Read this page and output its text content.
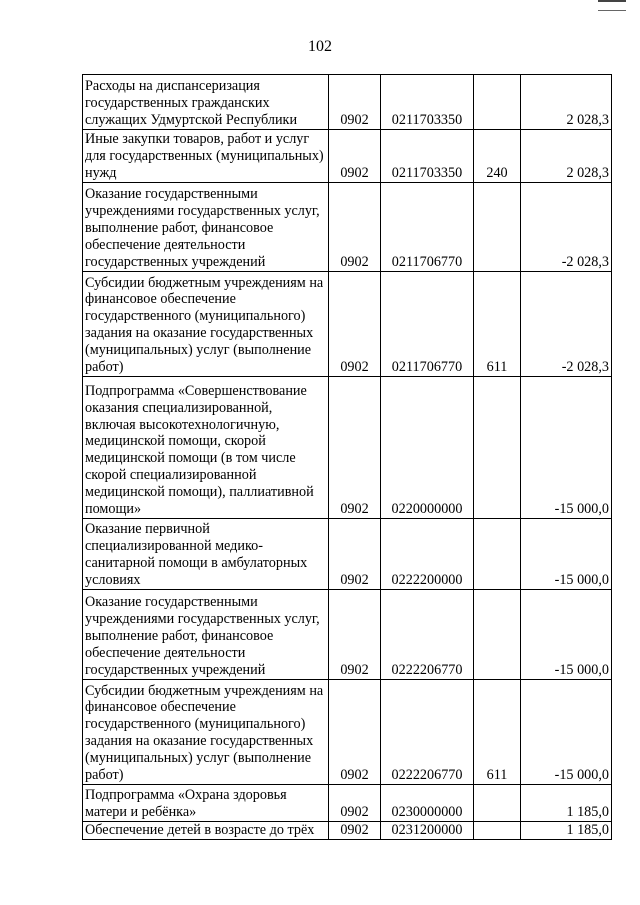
102
Расходы на диспансеризация государственных гражданских служащих Удмуртской Республики	0902	0211703350		2 028,3
Иные закупки товаров, работ и услуг для государственных (муниципальных) нужд	0902	0211703350	240	2 028,3
Оказание государственными учреждениями государственных услуг, выполнение работ, финансовое обеспечение деятельности государственных учреждений	0902	0211706770		-2 028,3
Субсидии бюджетным учреждениям на финансовое обеспечение государственного (муниципального) задания на оказание государственных (муниципальных) услуг (выполнение работ)	0902	0211706770	611	-2 028,3
Подпрограмма «Совершенствование оказания специализированной, включая высокотехнологичную, медицинской помощи, скорой медицинской помощи (в том числе скорой специализированной медицинской помощи), паллиативной помощи»	0902	0220000000		-15 000,0
Оказание первичной специализированной медико-санитарной помощи в амбулаторных условиях	0902	0222200000		-15 000,0
Оказание государственными учреждениями государственных услуг, выполнение работ, финансовое обеспечение деятельности государственных учреждений	0902	0222206770		-15 000,0
Субсидии бюджетным учреждениям на финансовое обеспечение государственного (муниципального) задания на оказание государственных (муниципальных) услуг (выполнение работ)	0902	0222206770	611	-15 000,0
Подпрограмма «Охрана здоровья матери и ребёнка»	0902	0230000000		1 185,0
Обеспечение детей в возрасте до трёх	0902	0231200000		1 185,0
